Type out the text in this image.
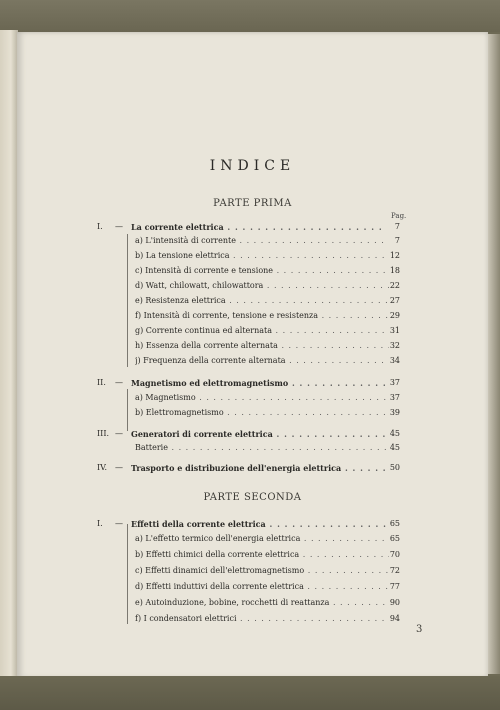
INDICE
PARTE PRIMA
Pag.
I. — La corrente elettrica . . .	7
a) L'intensità di corrente . . .	7
b) La tensione elettrica . . .	12
c) Intensità di corrente e tensione . . .	18
d) Watt, chilowatt, chilowattora . . .	22
e) Resistenza elettrica . . .	27
f) Intensità di corrente, tensione e resistenza . . .	29
g) Corrente continua ed alternata . . .	31
h) Essenza della corrente alternata . . .	32
j) Frequenza della corrente alternata . . .	34
II. — Magnetismo ed elettromagnetismo . . .	37
a) Magnetismo . . .	37
b) Elettromagnetismo . . .	39
III. — Generatori di corrente elettrica . . .	45
Batterie . . .	45
IV. — Trasporto e distribuzione dell'energia elettrica . . .	50
PARTE SECONDA
I. — Effetti della corrente elettrica . . .	65
a) L'effetto termico dell'energia elettrica . . .	65
b) Effetti chimici della corrente elettrica . . .	70
c) Effetti dinamici dell'elettromagnetismo . . .	72
d) Effetti induttivi della corrente elettrica . . .	77
e) Autoinduzione, bobine, rocchetti di reattanza . . .	90
f) I condensatori elettrici . . .	94
3
